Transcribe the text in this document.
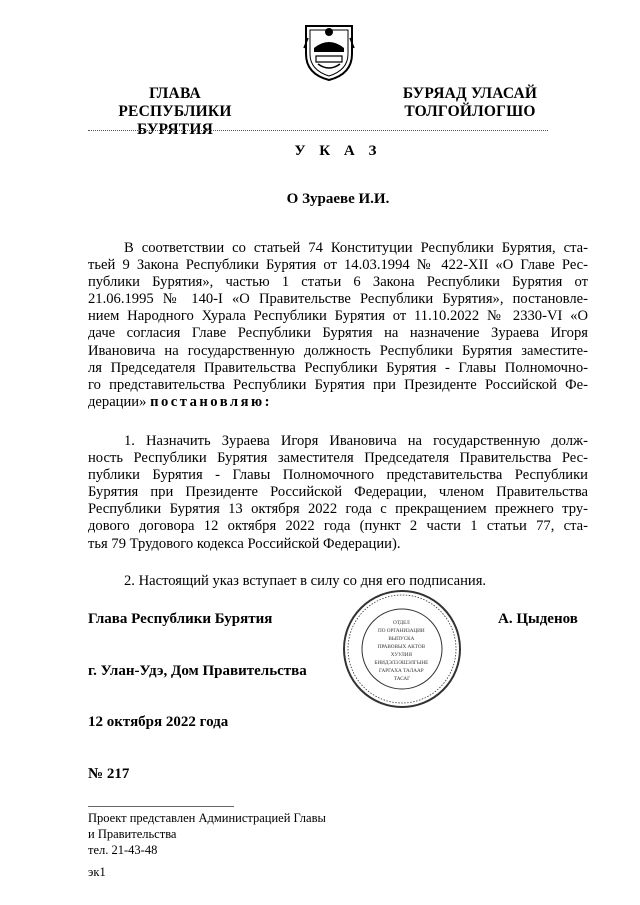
ГЛАВА
РЕСПУБЛИКИ БУРЯТИЯ
БУРЯАД УЛАСАЙ
ТОЛГОЙЛОГШО
У К А З
О Зураеве И.И.
В соответствии со статьей 74 Конституции Республики Бурятия, ста-
тьей 9 Закона Республики Бурятия от 14.03.1994 № 422-XII «О Главе Рес-
публики Бурятия», частью 1 статьи 6 Закона Республики Бурятия от
21.06.1995 № 140-I «О Правительстве Республики Бурятия», постановле-
нием Народного Хурала Республики Бурятия от 11.10.2022 № 2330-VI «О
даче согласия Главе Республики Бурятия на назначение Зураева Игоря
Ивановича на государственную должность Республики Бурятия заместите-
ля Председателя Правительства Республики Бурятия - Главы Полномочно-
го представительства Республики Бурятия при Президенте Российской Фе-
дерации» постановляю:
1. Назначить Зураева Игоря Ивановича на государственную долж-
ность Республики Бурятия заместителя Председателя Правительства Рес-
публики Бурятия - Главы Полномочного представительства Республики
Бурятия при Президенте Российской Федерации, членом Правительства
Республики Бурятия 13 октября 2022 года с прекращением прежнего тру-
дового договора 12 октября 2022 года (пункт 2 части 1 статьи 77, ста-
тья 79 Трудового кодекса Российской Федерации).
2. Настоящий указ вступает в силу со дня его подписания.
Глава Республики Бурятия	А. Цыденов
ОТДЕЛ ПО ОРГАНИЗАЦИИ ВЫПУСКА ПРАВОВЫХ АКТОВ ХУУЛИЯ БИИДЭЛЭЭШЭЛГЫНЕ ГАРГАХА ТАЛААР ТАСАГ
г. Улан-Удэ, Дом Правительства
12 октября 2022 года
№ 217
Проект представлен Администрацией Главы
и Правительства
тел. 21-43-48
эк1
